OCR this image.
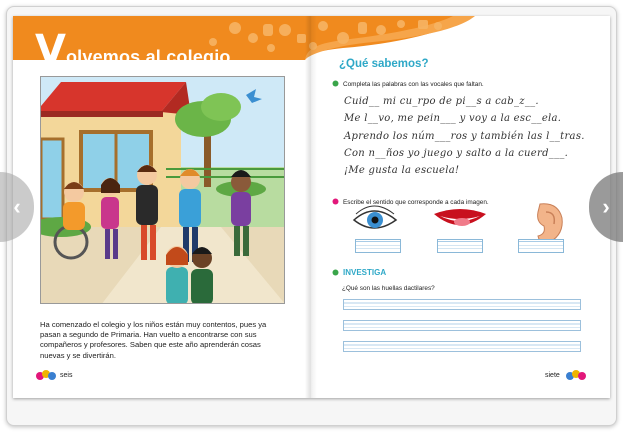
Volvemos al colegio
Ha comenzado el colegio y los niños están muy contentos, pues ya pasan a segundo de Primaria. Han vuelto a encontrarse con sus compañeros y profesores. Saben que este año aprenderán cosas nuevas y se divertirán.
seis
¿Qué sabemos?
Completa las palabras con las vocales que faltan.
Cuid__ mi cu_rpo de pi__s a cab_z__.
Me l__vo, me pein___ y voy a la esc__ela.
Aprendo los núm___ros y también las l__tras.
Con n__ños yo juego y salto a la cuerd___.
¡Me gusta la escuela!
Escribe el sentido que corresponde a cada imagen.
INVESTIGA
¿Qué son las huellas dactilares?
siete
‹	›
